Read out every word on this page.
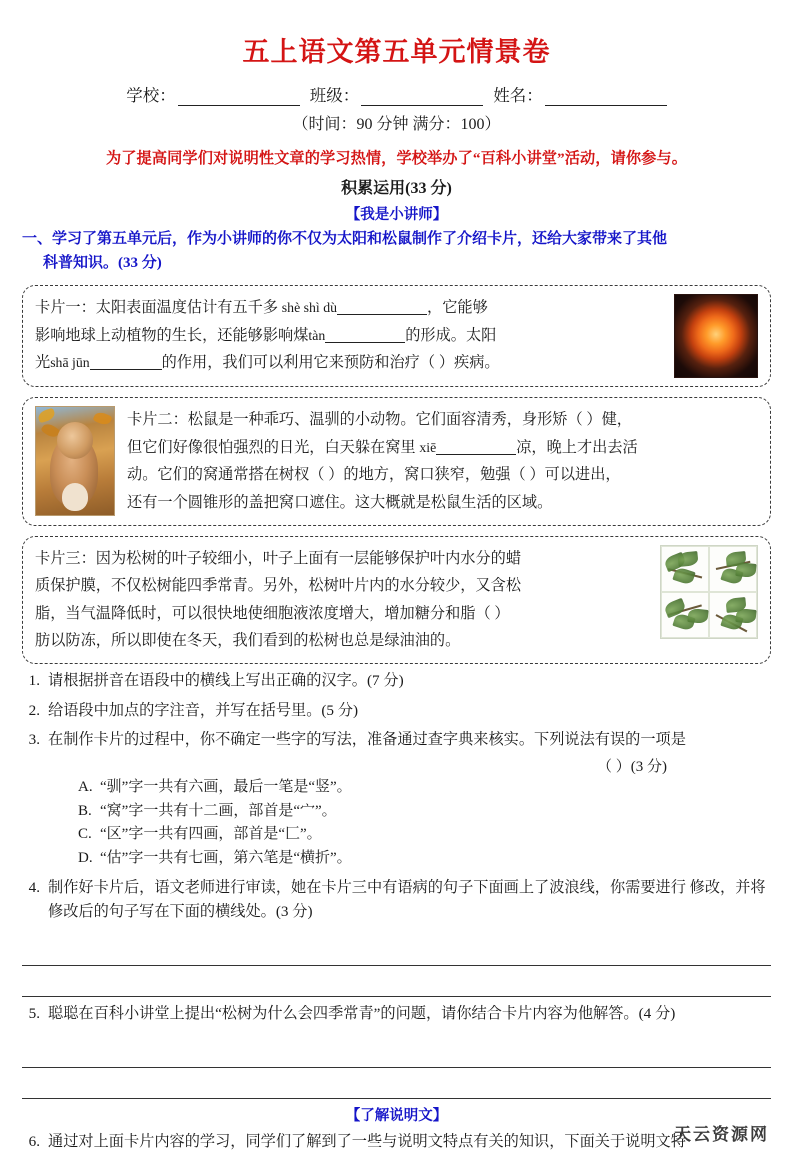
五上语文第五单元情景卷
学校：	班级：	姓名：
（时间：90 分钟 满分：100）
为了提高同学们对说明性文章的学习热情，学校举办了“百科小讲堂”活动，请你参与。
积累运用(33 分)
【我是小讲师】
一、学习了第五单元后，作为小讲师的你不仅为太阳和松鼠制作了介绍卡片，还给大家带来了其他
科普知识。(33 分)

卡片一：太阳表面温度估计有五千多 shè shì dù	，它能够

影响地球上动植物的生长，还能够影响煤tàn	的形成。太阳

光shā jūn	的作用，我们可以利用它来预防和治疗（ ）疾病。

卡片二：松鼠是一种乖巧、温驯的小动物。它们面容清秀，身形矫（ ）健，

但它们好像很怕强烈的日光，白天躲在窝里 xiē	凉，晚上才出去活

动。它们的窝通常搭在树杈（ ）的地方，窝口狭窄，勉强（ ）可以进出，

还有一个圆锥形的盖把窝口遮住。这大概就是松鼠生活的区域。

卡片三：因为松树的叶子较细小，叶子上面有一层能够保护叶内水分的蜡

质保护膜，不仅松树能四季常青。另外，松树叶片内的水分较少，又含松

脂，当气温降低时，可以很快地使细胞液浓度增大，增加糖分和脂（ ）

肪以防冻，所以即使在冬天，我们看到的松树也总是绿油油的。

1. 请根据拼音在语段中的横线上写出正确的汉字。(7 分)
2. 给语段中加点的字注音，并写在括号里。(5 分)
3. 在制作卡片的过程中，你不确定一些字的写法，准备通过查字典来核实。下列说法有误的一项是
（ ）(3 分)
A. “驯”字一共有六画，最后一笔是“竖”。
B. “窝”字一共有十二画，部首是“宀”。
C. “区”字一共有四画，部首是“匚”。
D. “估”字一共有七画，第六笔是“横折”。
4. 制作好卡片后，语文老师进行审读，她在卡片三中有语病的句子下面画上了波浪线，你需要进行 修改，并将修改后的句子写在下面的横线处。(3 分)
5. 聪聪在百科小讲堂上提出“松树为什么会四季常青”的问题，请你结合卡片内容为他解答。(4 分)
【了解说明文】
6. 通过对上面卡片内容的学习，同学们了解到了一些与说明文特点有关的知识，下面关于说明文特
天云资源网
